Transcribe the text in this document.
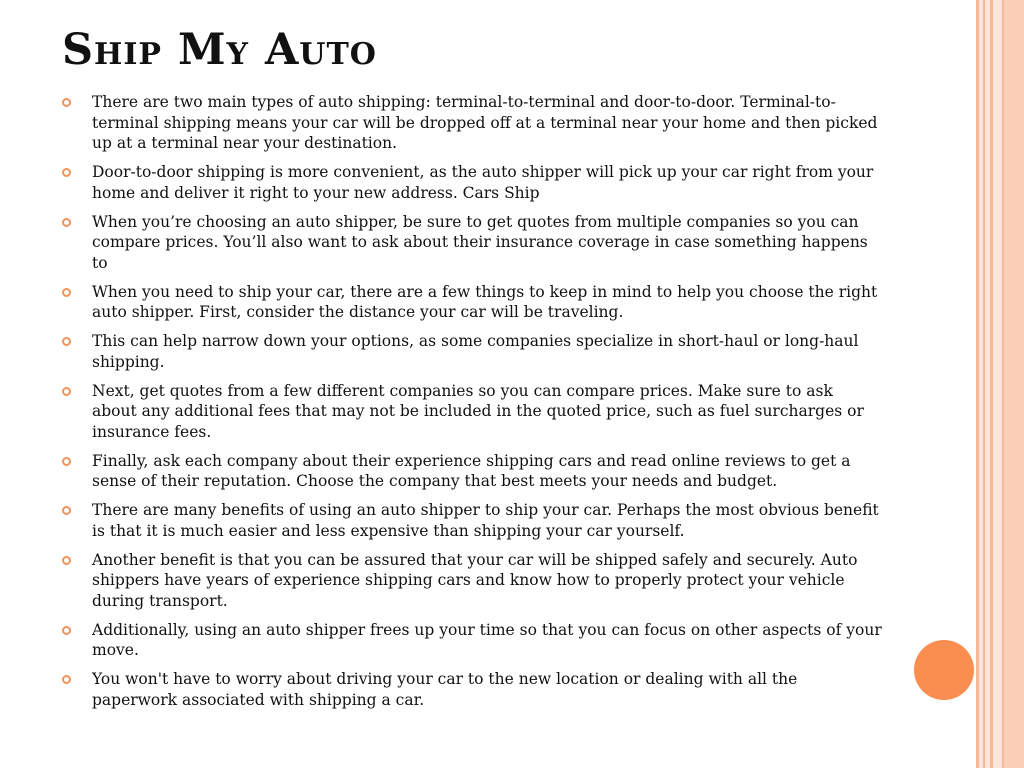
Ship My Auto
There are two main types of auto shipping: terminal-to-terminal and door-to-door. Terminal-to-terminal shipping means your car will be dropped off at a terminal near your home and then picked up at a terminal near your destination.
Door-to-door shipping is more convenient, as the auto shipper will pick up your car right from your home and deliver it right to your new address. Cars Ship
When you’re choosing an auto shipper, be sure to get quotes from multiple companies so you can compare prices. You’ll also want to ask about their insurance coverage in case something happens to
When you need to ship your car, there are a few things to keep in mind to help you choose the right auto shipper. First, consider the distance your car will be traveling.
This can help narrow down your options, as some companies specialize in short-haul or long-haul shipping.
Next, get quotes from a few different companies so you can compare prices. Make sure to ask about any additional fees that may not be included in the quoted price, such as fuel surcharges or insurance fees.
Finally, ask each company about their experience shipping cars and read online reviews to get a sense of their reputation. Choose the company that best meets your needs and budget.
There are many benefits of using an auto shipper to ship your car. Perhaps the most obvious benefit is that it is much easier and less expensive than shipping your car yourself.
Another benefit is that you can be assured that your car will be shipped safely and securely. Auto shippers have years of experience shipping cars and know how to properly protect your vehicle during transport.
Additionally, using an auto shipper frees up your time so that you can focus on other aspects of your move.
You won't have to worry about driving your car to the new location or dealing with all the paperwork associated with shipping a car.
